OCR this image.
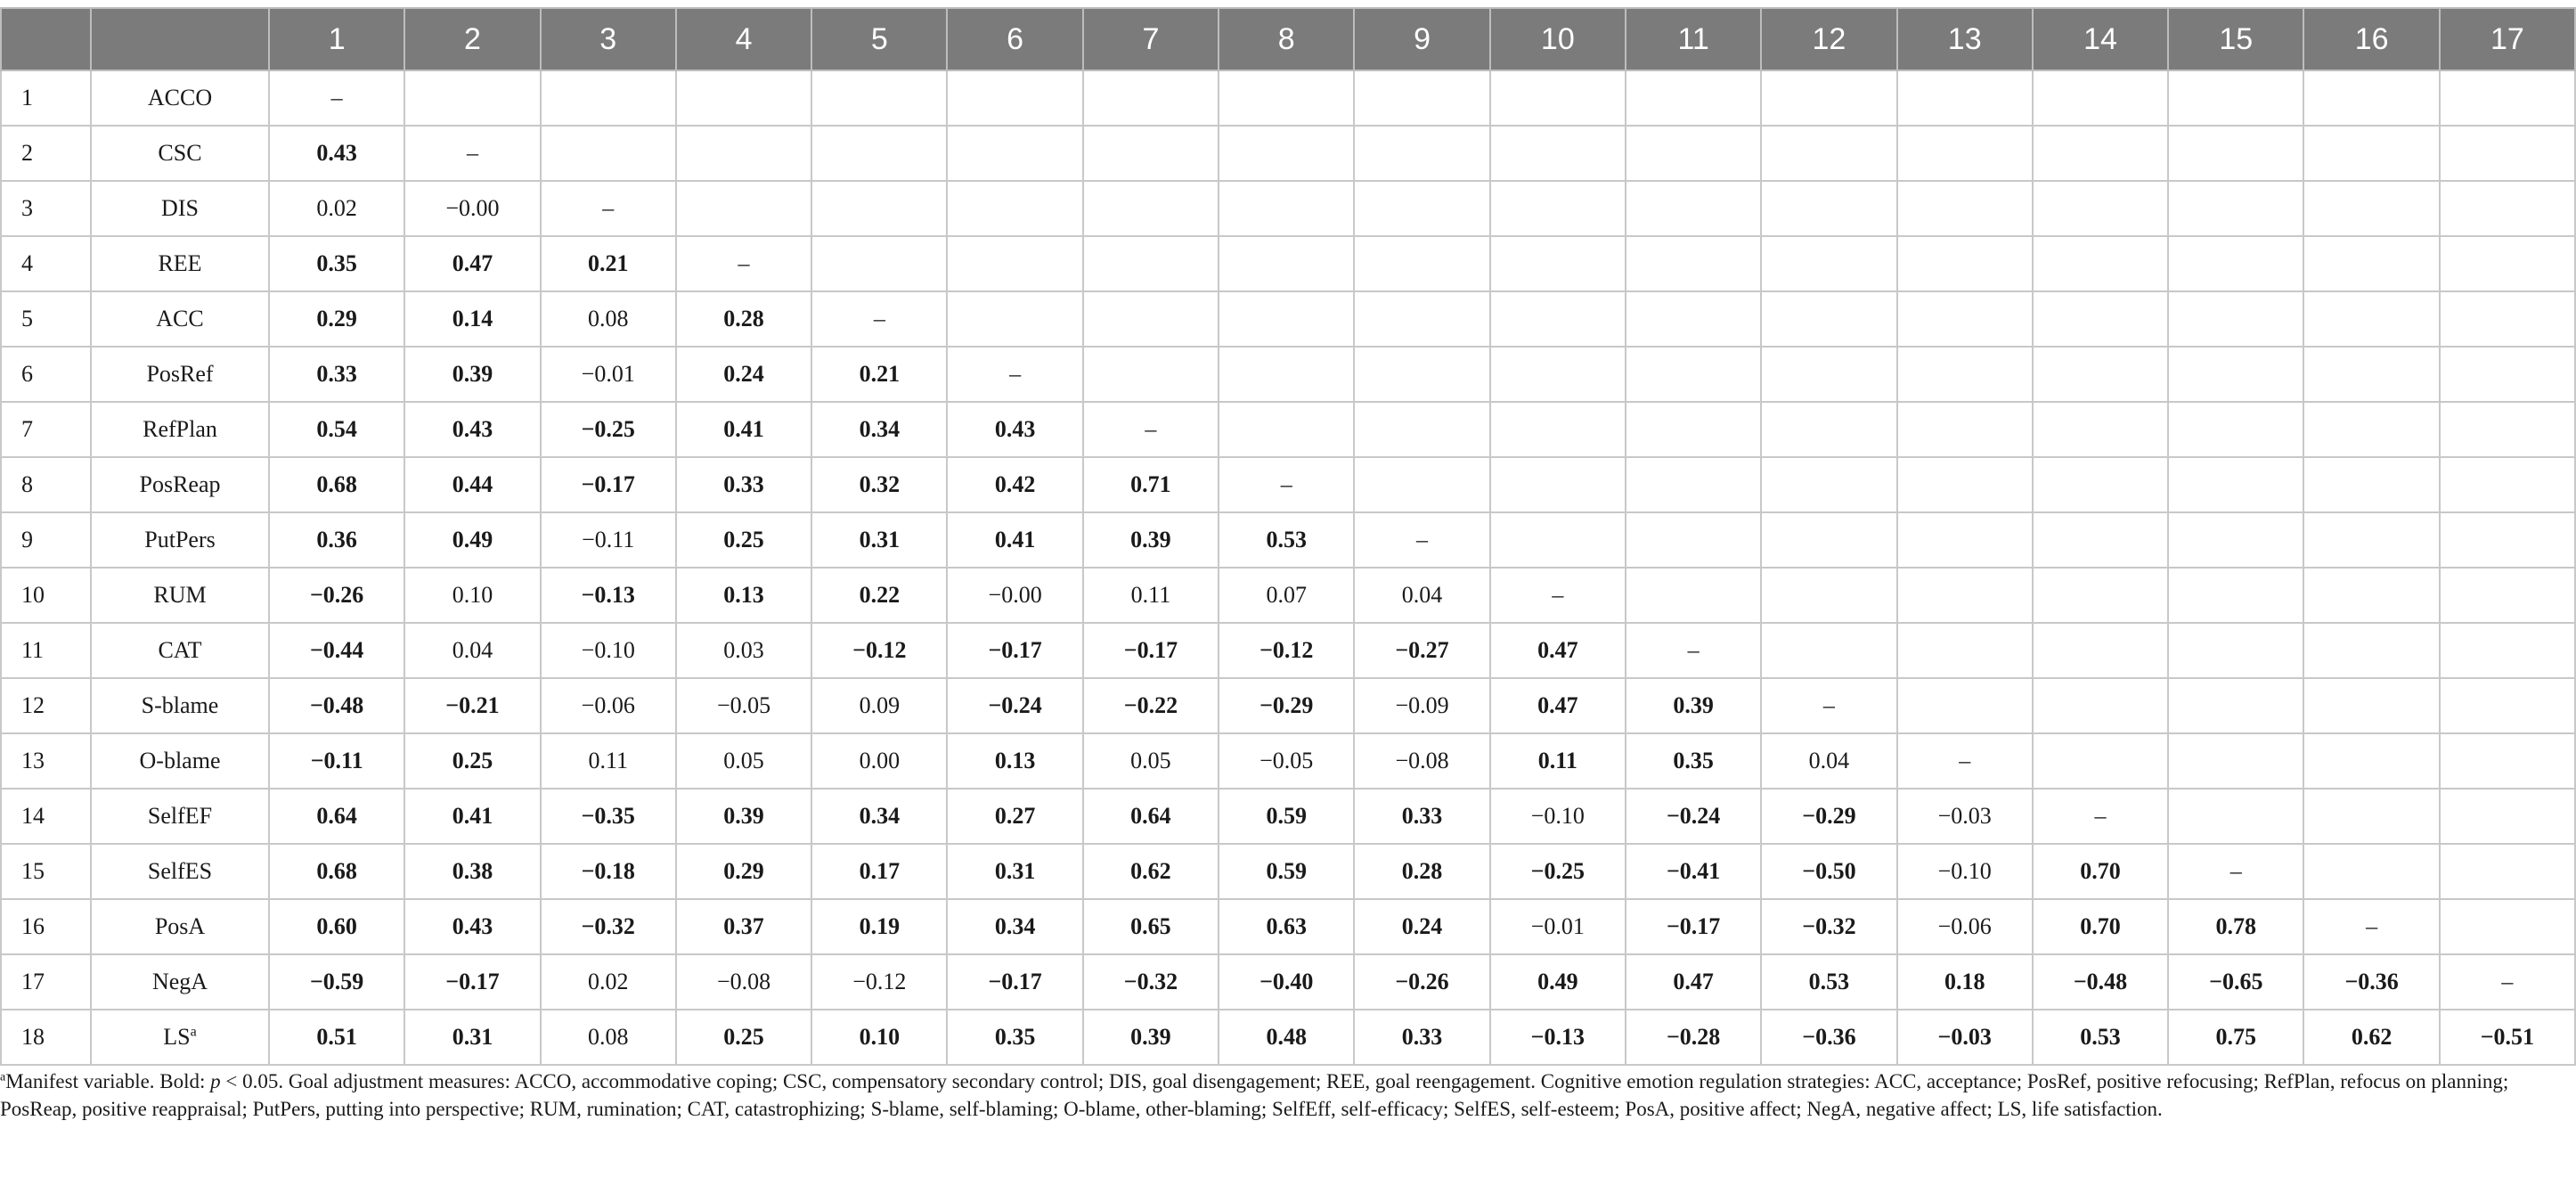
		1	2	3	4	5	6	7	8	9	10	11	12	13	14	15	16	17
1	ACCO	–																
2	CSC	0.43	–															
3	DIS	0.02	−0.00	–														
4	REE	0.35	0.47	0.21	–													
5	ACC	0.29	0.14	0.08	0.28	–												
6	PosRef	0.33	0.39	−0.01	0.24	0.21	–											
7	RefPlan	0.54	0.43	−0.25	0.41	0.34	0.43	–										
8	PosReap	0.68	0.44	−0.17	0.33	0.32	0.42	0.71	–									
9	PutPers	0.36	0.49	−0.11	0.25	0.31	0.41	0.39	0.53	–								
10	RUM	−0.26	0.10	−0.13	0.13	0.22	−0.00	0.11	0.07	0.04	–							
11	CAT	−0.44	0.04	−0.10	0.03	−0.12	−0.17	−0.17	−0.12	−0.27	0.47	–						
12	S-blame	−0.48	−0.21	−0.06	−0.05	0.09	−0.24	−0.22	−0.29	−0.09	0.47	0.39	–					
13	O-blame	−0.11	0.25	0.11	0.05	0.00	0.13	0.05	−0.05	−0.08	0.11	0.35	0.04	–				
14	SelfEF	0.64	0.41	−0.35	0.39	0.34	0.27	0.64	0.59	0.33	−0.10	−0.24	−0.29	−0.03	–			
15	SelfES	0.68	0.38	−0.18	0.29	0.17	0.31	0.62	0.59	0.28	−0.25	−0.41	−0.50	−0.10	0.70	–		
16	PosA	0.60	0.43	−0.32	0.37	0.19	0.34	0.65	0.63	0.24	−0.01	−0.17	−0.32	−0.06	0.70	0.78	–	
17	NegA	−0.59	−0.17	0.02	−0.08	−0.12	−0.17	−0.32	−0.40	−0.26	0.49	0.47	0.53	0.18	−0.48	−0.65	−0.36	–
18	$LS^a$	0.51	0.31	0.08	0.25	0.10	0.35	0.39	0.48	0.33	−0.13	−0.28	−0.36	−0.03	0.53	0.75	0.62	−0.51

$^a$Manifest variable. Bold: p < 0.05. Goal adjustment measures: ACCO, accommodative coping; CSC, compensatory secondary control; DIS, goal disengagement; REE, goal reengagement. Cognitive emotion regulation strategies: ACC, acceptance; PosRef, positive refocusing; RefPlan, refocus on planning; PosReap, positive reappraisal; PutPers, putting into perspective; RUM, rumination; CAT, catastrophizing; S-blame, self-blaming; O-blame, other-blaming; SelfEff, self-efficacy; SelfES, self-esteem; PosA, positive affect; NegA, negative affect; LS, life satisfaction.
